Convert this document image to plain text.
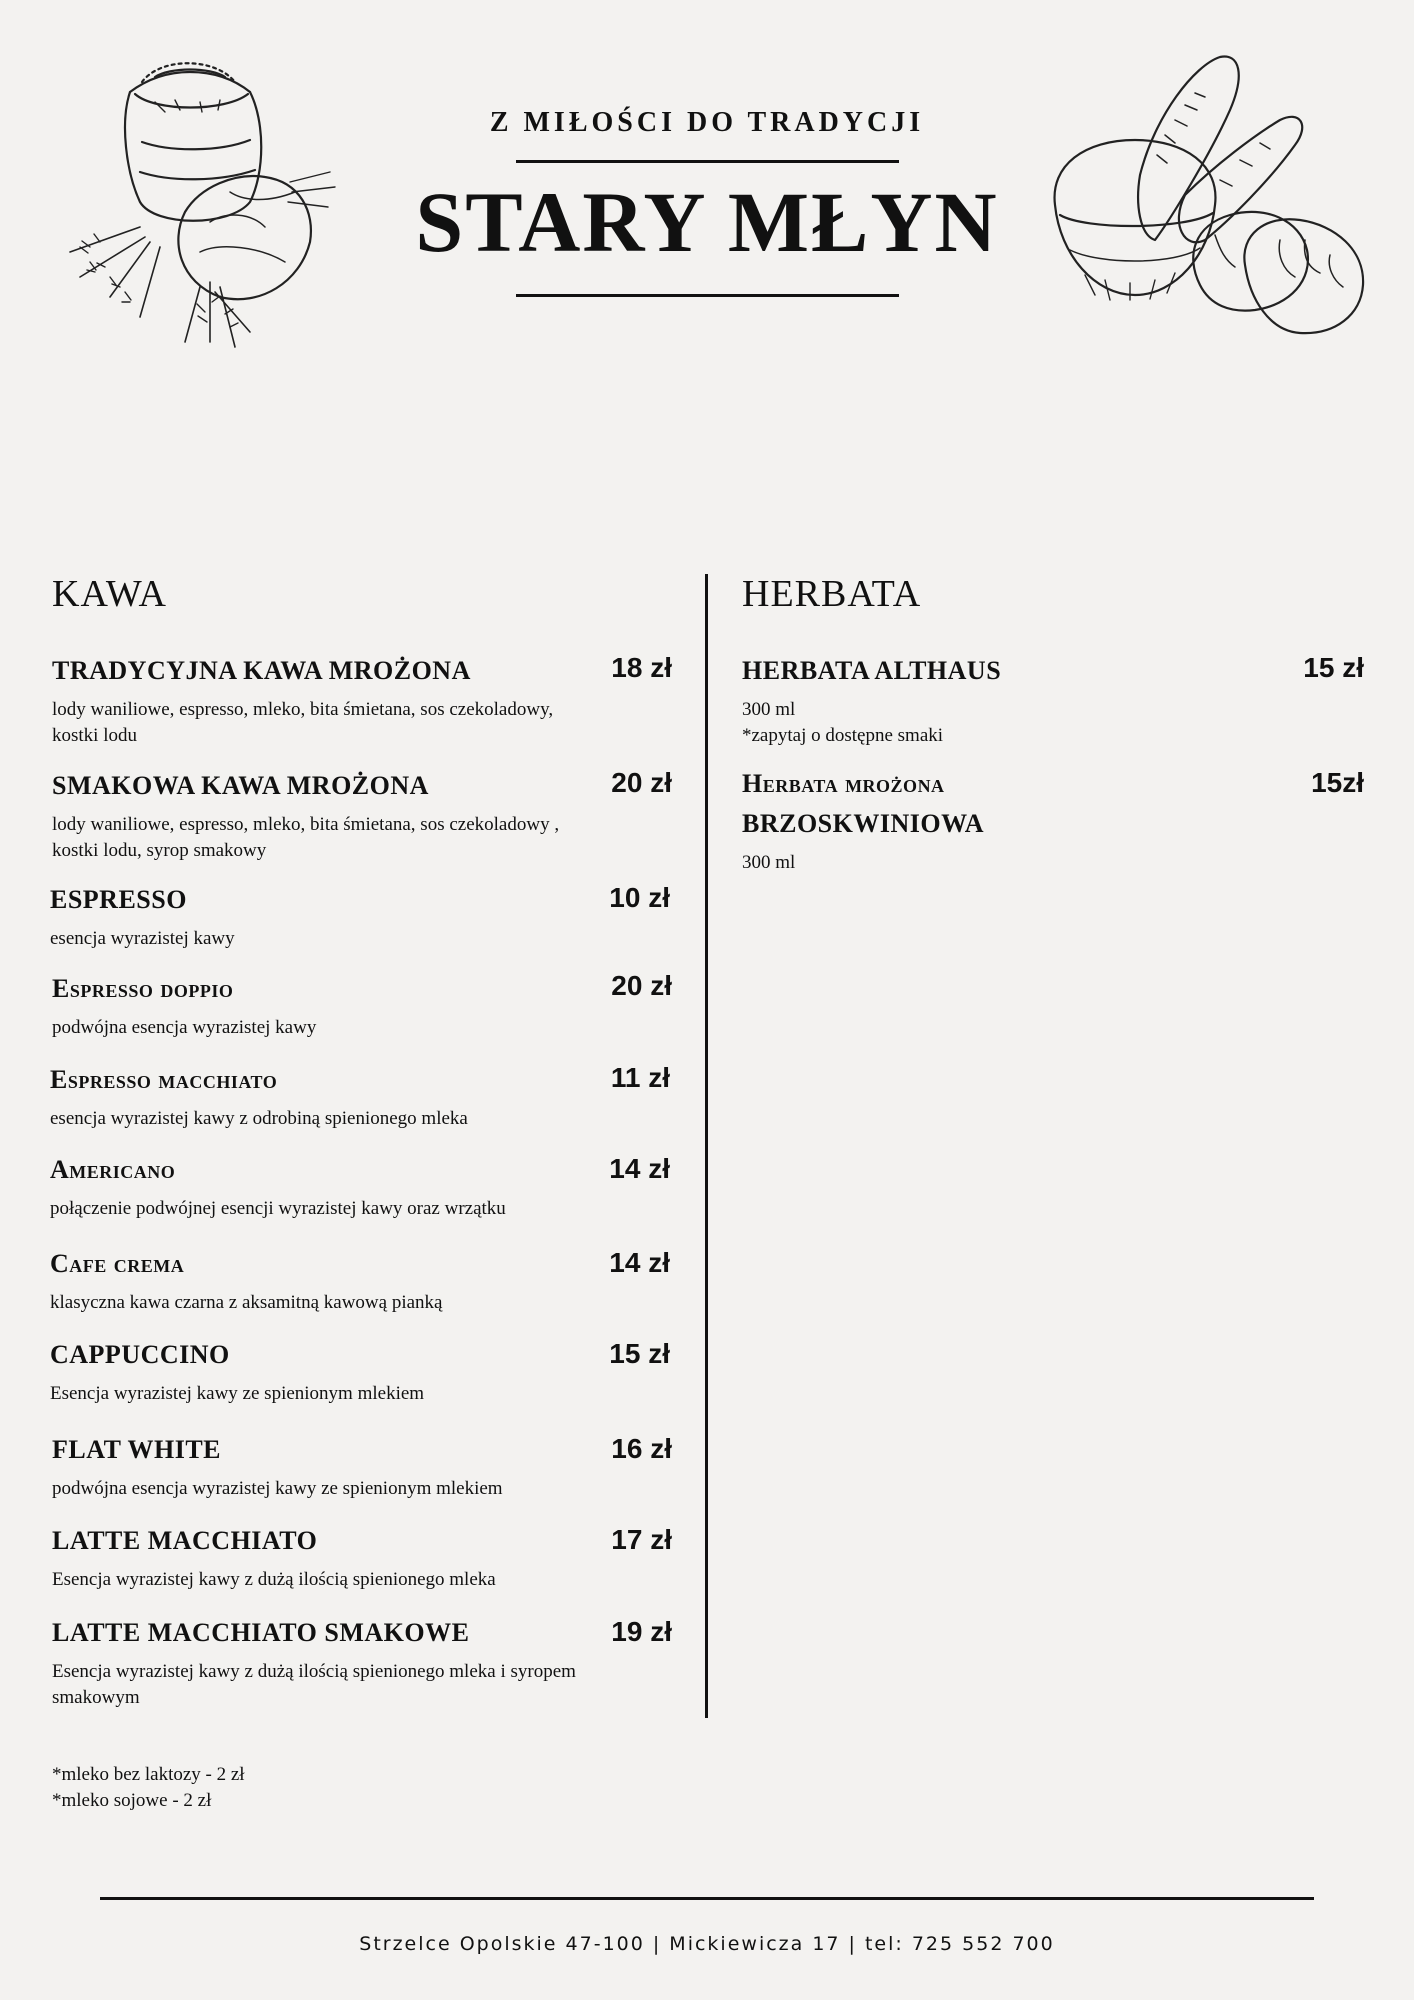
Z MIŁOŚCI DO TRADYCJI
STARY MŁYN
KAWA
TRADYCYJNA KAWA MROŻONA
lody waniliowe, espresso, mleko, bita śmietana, sos czekoladowy, kostki lodu
18 zł
SMAKOWA KAWA MROŻONA
lody waniliowe, espresso, mleko, bita śmietana, sos czekoladowy , kostki lodu, syrop smakowy
20 zł
ESPRESSO
esencja wyrazistej kawy
10 zł
Espresso doppio
podwójna esencja wyrazistej kawy
20 zł
Espresso macchiato
esencja wyrazistej kawy z odrobiną spienionego mleka
11 zł
Americano
połączenie podwójnej esencji wyrazistej kawy oraz wrzątku
14 zł
Cafe crema
klasyczna kawa czarna z aksamitną kawową pianką
14 zł
CAPPUCCINO
Esencja wyrazistej kawy ze spienionym mlekiem
15 zł
FLAT WHITE
podwójna esencja wyrazistej kawy ze spienionym mlekiem
16 zł
LATTE MACCHIATO
Esencja wyrazistej kawy z dużą ilością spienionego mleka
17 zł
LATTE MACCHIATO SMAKOWE
Esencja wyrazistej kawy z dużą ilością spienionego mleka i syropem smakowym
19 zł
*mleko bez laktozy - 2 zł
*mleko sojowe - 2 zł
HERBATA
HERBATA ALTHAUS
300 ml
*zapytaj o dostępne smaki
15 zł
Herbata mrożona
BRZOSKWINIOWA
300 ml
15zł
Strzelce Opolskie 47-100 | Mickiewicza 17 | tel: 725 552 700
